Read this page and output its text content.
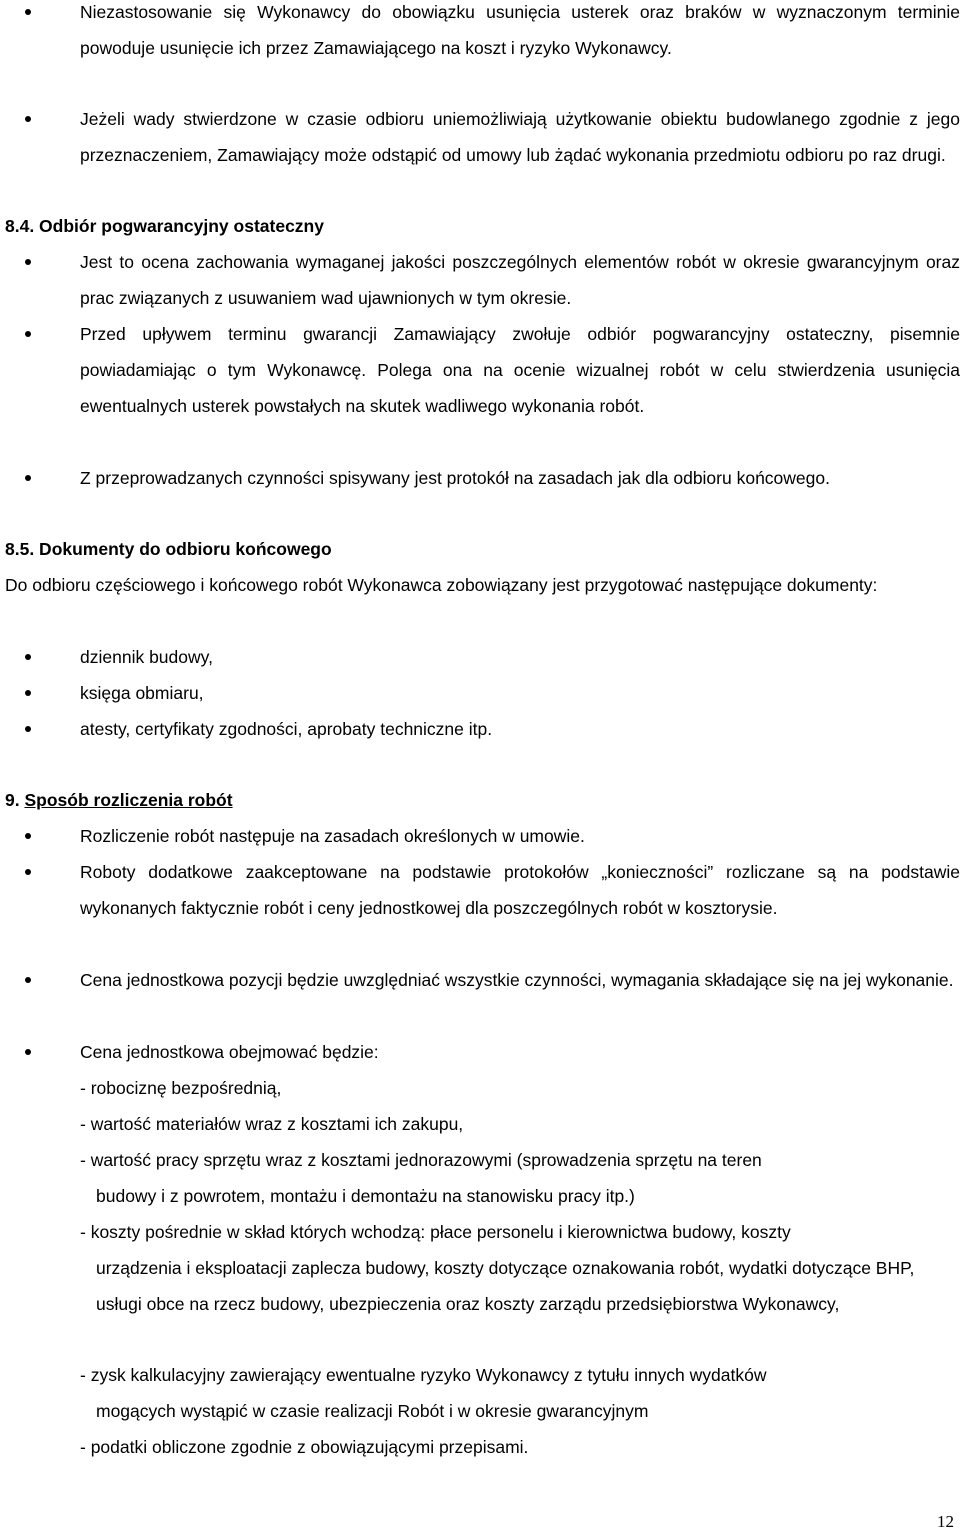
Niezastosowanie się Wykonawcy do obowiązku usunięcia usterek oraz braków w wyznaczonym terminie powoduje usunięcie ich przez Zamawiającego na koszt i ryzyko Wykonawcy.

Jeżeli wady stwierdzone w czasie odbioru uniemożliwiają użytkowanie obiektu budowlanego zgodnie z jego przeznaczeniem, Zamawiający może odstąpić od umowy lub żądać wykonania przedmiotu odbioru po raz drugi.

8.4. Odbiór pogwarancyjny ostateczny

Jest to ocena zachowania wymaganej jakości poszczególnych elementów robót w okresie gwarancyjnym oraz prac związanych z usuwaniem wad ujawnionych w tym okresie.

Przed upływem terminu gwarancji Zamawiający zwołuje odbiór pogwarancyjny ostateczny, pisemnie powiadamiając o tym Wykonawcę. Polega ona na ocenie wizualnej robót w celu stwierdzenia usunięcia ewentualnych usterek powstałych na skutek wadliwego wykonania robót.

Z przeprowadzanych czynności spisywany jest protokół na zasadach jak dla odbioru końcowego.

8.5. Dokumenty do odbioru końcowego

Do odbioru częściowego i końcowego robót Wykonawca zobowiązany jest przygotować następujące dokumenty:

dziennik budowy,

księga obmiaru,

atesty, certyfikaty zgodności, aprobaty techniczne itp.

9. Sposób rozliczenia robót

Rozliczenie robót następuje na zasadach określonych w umowie.

Roboty dodatkowe zaakceptowane na podstawie protokołów „konieczności” rozliczane są na podstawie wykonanych faktycznie robót i ceny jednostkowej dla poszczególnych robót w kosztorysie.

Cena jednostkowa pozycji będzie uwzględniać wszystkie czynności, wymagania składające się na jej wykonanie.

Cena jednostkowa obejmować będzie:

- robociznę bezpośrednią,

- wartość materiałów wraz z kosztami ich zakupu,

- wartość pracy sprzętu wraz z kosztami jednorazowymi (sprowadzenia sprzętu na teren
budowy i z powrotem, montażu i demontażu na stanowisku pracy itp.)

- koszty pośrednie w skład których wchodzą: płace personelu i kierownictwa budowy, koszty
urządzenia i eksploatacji zaplecza budowy, koszty dotyczące oznakowania robót, wydatki dotyczące BHP, usługi obce na rzecz budowy, ubezpieczenia oraz koszty zarządu przedsiębiorstwa Wykonawcy,

- zysk kalkulacyjny zawierający ewentualne ryzyko Wykonawcy z tytułu innych wydatków
mogących wystąpić w czasie realizacji Robót i w okresie gwarancyjnym

- podatki obliczone zgodnie z obowiązującymi przepisami.

12
